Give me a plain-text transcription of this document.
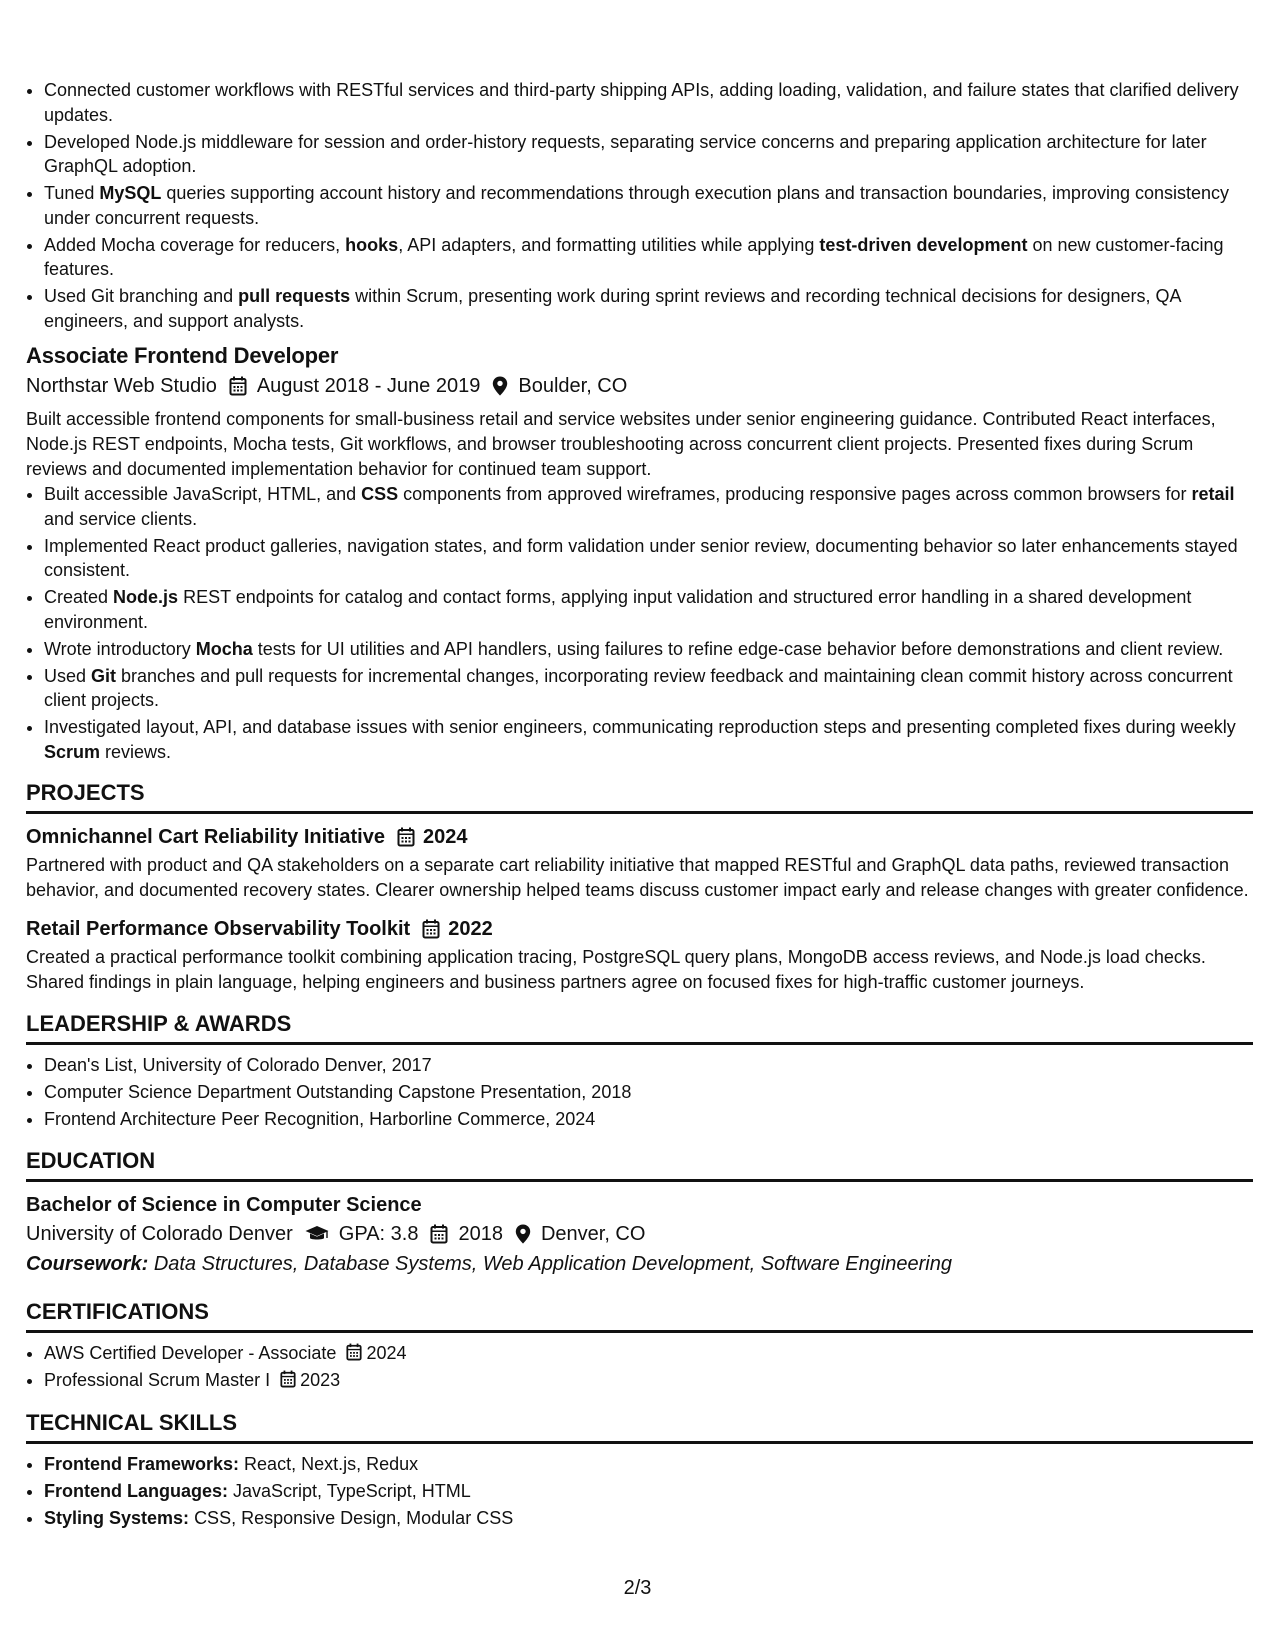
• Connected customer workflows with RESTful services and third-party shipping APIs, adding loading, validation, and failure states that clarified delivery updates.
• Developed Node.js middleware for session and order-history requests, separating service concerns and preparing application architecture for later GraphQL adoption.
• Tuned MySQL queries supporting account history and recommendations through execution plans and transaction boundaries, improving consistency under concurrent requests.
• Added Mocha coverage for reducers, hooks, API adapters, and formatting utilities while applying test-driven development on new customer-facing features.
• Used Git branching and pull requests within Scrum, presenting work during sprint reviews and recording technical decisions for designers, QA engineers, and support analysts.
Associate Frontend Developer
Northstar Web Studio August 2018 - June 2019 Boulder, CO
Built accessible frontend components for small-business retail and service websites under senior engineering guidance. Contributed React interfaces, Node.js REST endpoints, Mocha tests, Git workflows, and browser troubleshooting across concurrent client projects. Presented fixes during Scrum reviews and documented implementation behavior for continued team support.
• Built accessible JavaScript, HTML, and CSS components from approved wireframes, producing responsive pages across common browsers for retail and service clients.
• Implemented React product galleries, navigation states, and form validation under senior review, documenting behavior so later enhancements stayed consistent.
• Created Node.js REST endpoints for catalog and contact forms, applying input validation and structured error handling in a shared development environment.
• Wrote introductory Mocha tests for UI utilities and API handlers, using failures to refine edge-case behavior before demonstrations and client review.
• Used Git branches and pull requests for incremental changes, incorporating review feedback and maintaining clean commit history across concurrent client projects.
• Investigated layout, API, and database issues with senior engineers, communicating reproduction steps and presenting completed fixes during weekly Scrum reviews.
PROJECTS
Omnichannel Cart Reliability Initiative 2024
Partnered with product and QA stakeholders on a separate cart reliability initiative that mapped RESTful and GraphQL data paths, reviewed transaction behavior, and documented recovery states. Clearer ownership helped teams discuss customer impact early and release changes with greater confidence.
Retail Performance Observability Toolkit 2022
Created a practical performance toolkit combining application tracing, PostgreSQL query plans, MongoDB access reviews, and Node.js load checks. Shared findings in plain language, helping engineers and business partners agree on focused fixes for high-traffic customer journeys.
LEADERSHIP & AWARDS
• Dean's List, University of Colorado Denver, 2017
• Computer Science Department Outstanding Capstone Presentation, 2018
• Frontend Architecture Peer Recognition, Harborline Commerce, 2024
EDUCATION
Bachelor of Science in Computer Science
University of Colorado Denver GPA: 3.8 2018 Denver, CO
Coursework: Data Structures, Database Systems, Web Application Development, Software Engineering
CERTIFICATIONS
• AWS Certified Developer - Associate 2024
• Professional Scrum Master I 2023
TECHNICAL SKILLS
• Frontend Frameworks: React, Next.js, Redux
• Frontend Languages: JavaScript, TypeScript, HTML
• Styling Systems: CSS, Responsive Design, Modular CSS
2/3
